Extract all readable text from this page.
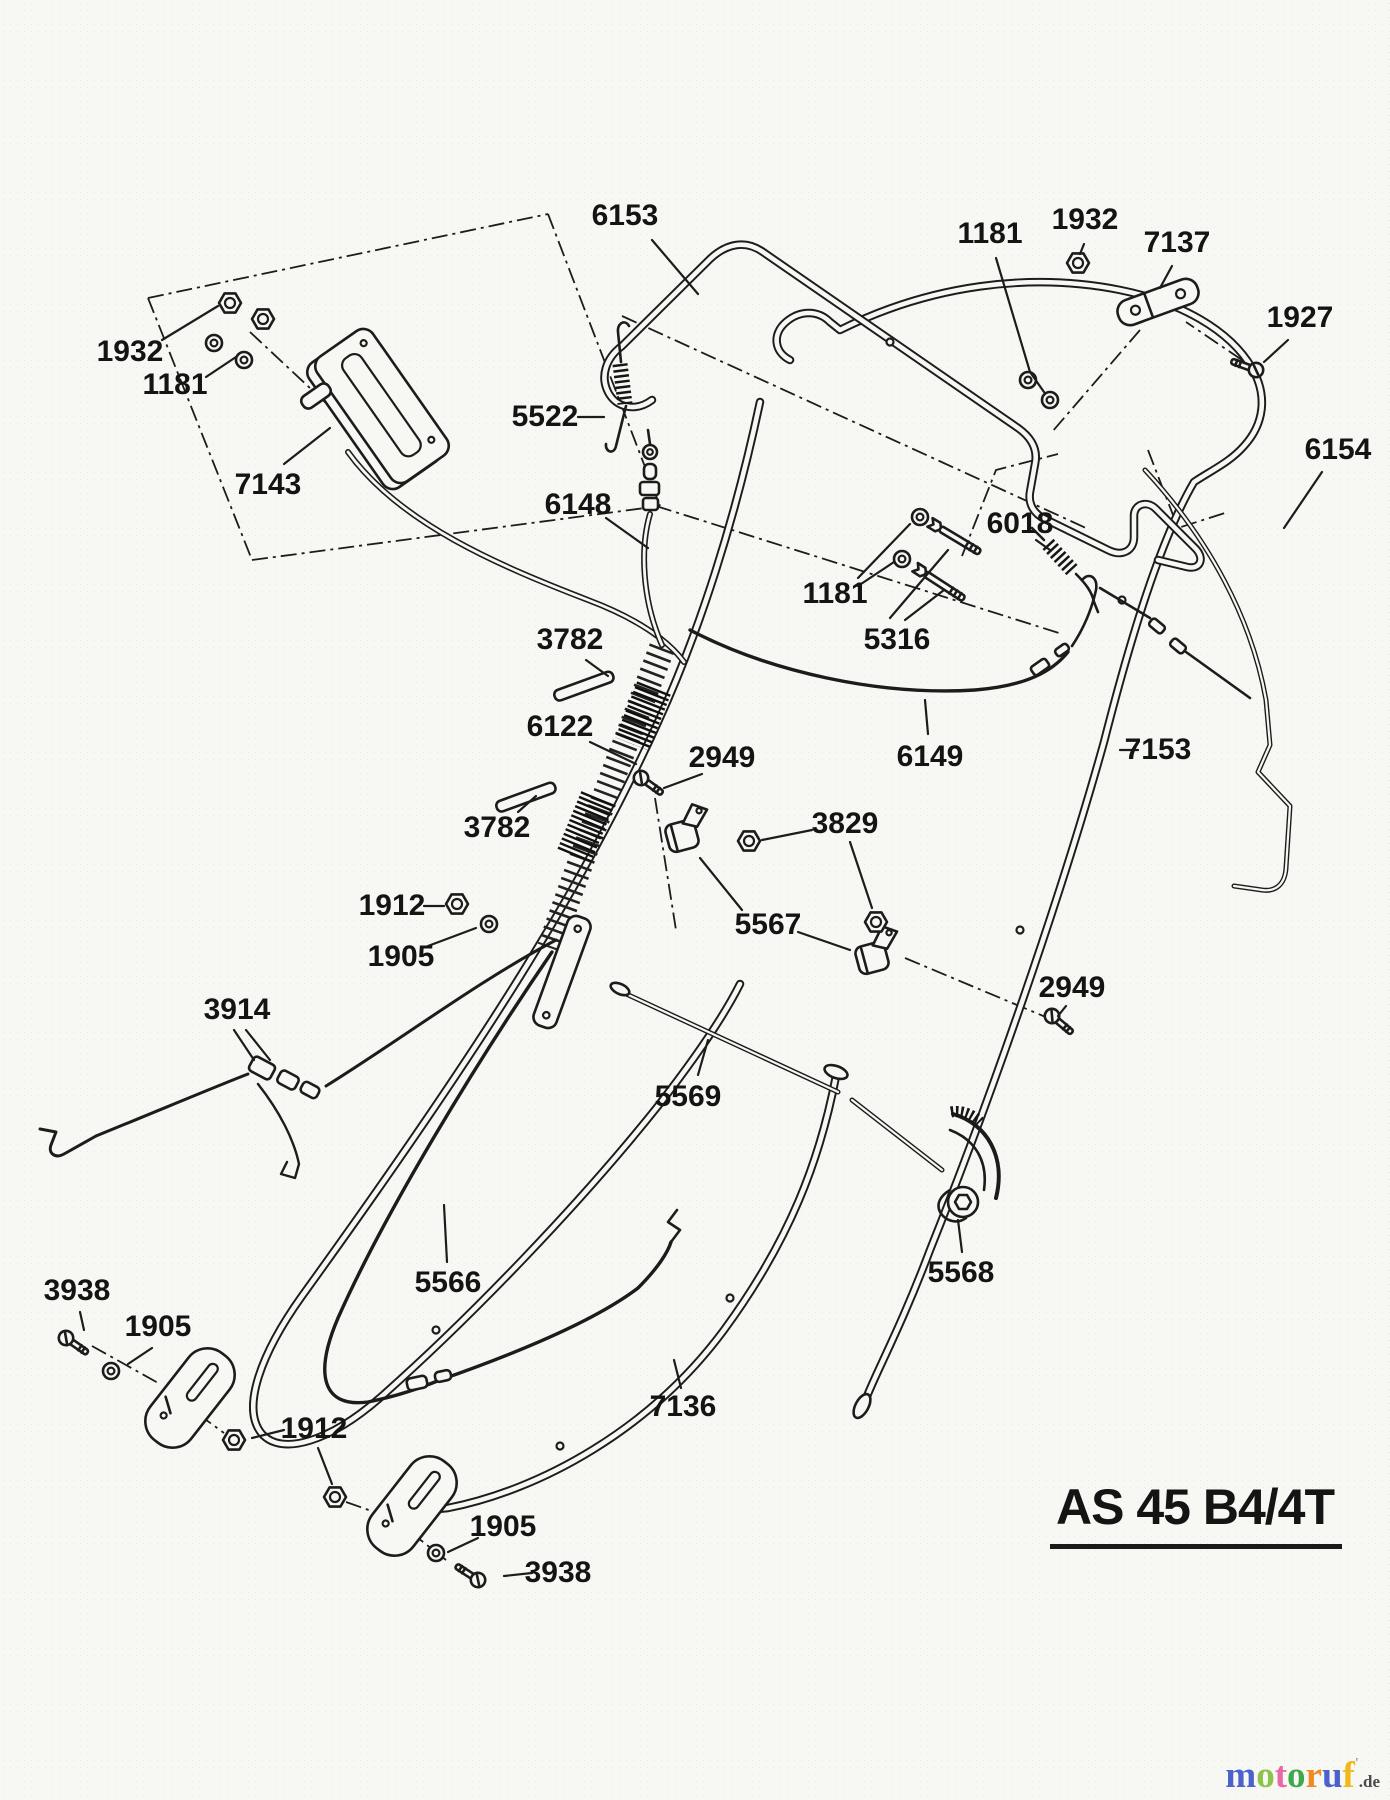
6153
1181 1932
7137
1927
6154
1932
1181
7143
5522
6148
6018
1181
5316
3782
6122
2949	6149	7153
3782	3829
1912
1905
5567
2949
3914
5569
5566	5568
3938
1905
1912
7136
1905
3938
AS 45 B4/4T
motoruf'.de
